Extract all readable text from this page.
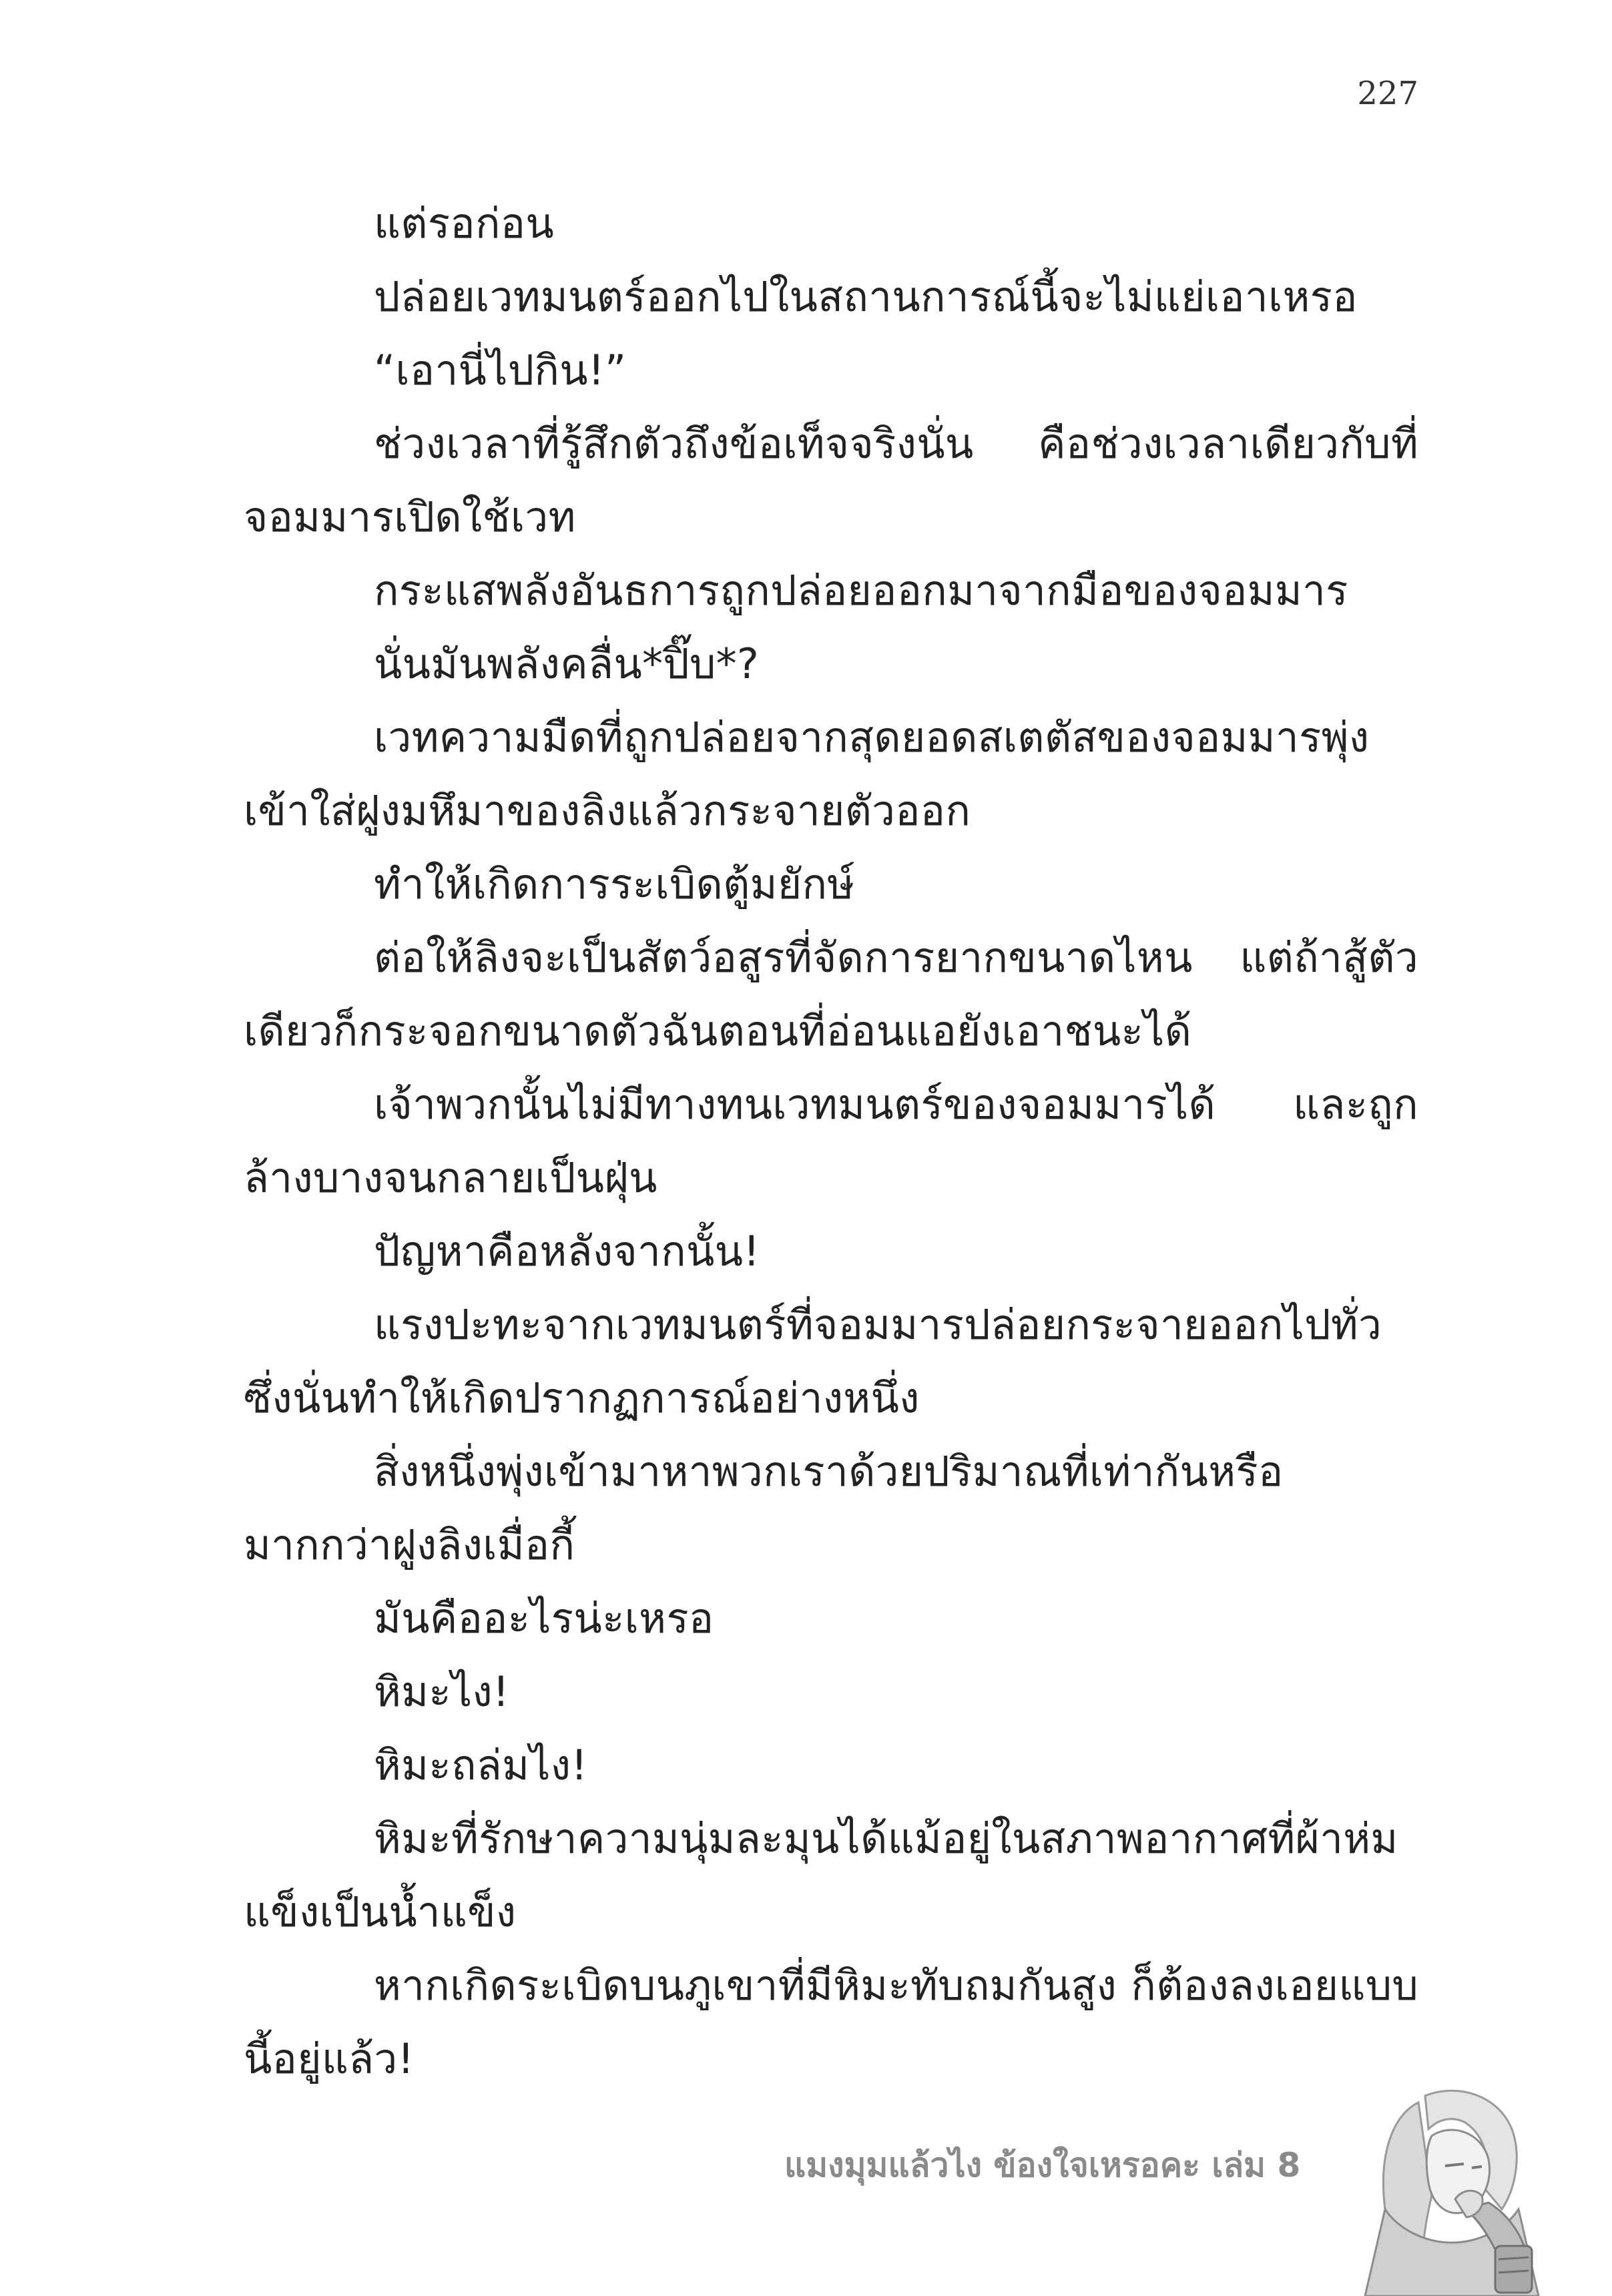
227

แต่รอก่อน

ปล่อยเวทมนตร์ออกไปในสถานการณ์นี้จะไม่แย่เอาเหรอ

“เอานี่ไปกิน!”

ช่วงเวลาที่รู้สึกตัวถึงข้อเท็จจริงนั่น คือช่วงเวลาเดียวกับที่จอมมารเปิดใช้เวท

กระแสพลังอันธการถูกปล่อยออกมาจากมือของจอมมาร

นั่นมันพลังคลื่น*ปิ๊บ*?

เวทความมืดที่ถูกปล่อยจากสุดยอดสเตตัสของจอมมารพุ่งเข้าใส่ฝูงมหึมาของลิงแล้วกระจายตัวออก

ทำให้เกิดการระเบิดตู้มยักษ์

ต่อให้ลิงจะเป็นสัตว์อสูรที่จัดการยากขนาดไหน แต่ถ้าสู้ตัวเดียวก็กระจอกขนาดตัวฉันตอนที่อ่อนแอยังเอาชนะได้

เจ้าพวกนั้นไม่มีทางทนเวทมนตร์ของจอมมารได้ และถูกล้างบางจนกลายเป็นฝุ่น

ปัญหาคือหลังจากนั้น!

แรงปะทะจากเวทมนตร์ที่จอมมารปล่อยกระจายออกไปทั่วซึ่งนั่นทำให้เกิดปรากฏการณ์อย่างหนึ่ง

สิ่งหนึ่งพุ่งเข้ามาหาพวกเราด้วยปริมาณที่เท่ากันหรือมากกว่าฝูงลิงเมื่อกี้

มันคืออะไรน่ะเหรอ

หิมะไง!

หิมะถล่มไง!

หิมะที่รักษาความนุ่มละมุนได้แม้อยู่ในสภาพอากาศที่ผ้าห่มแข็งเป็นน้ำแข็ง

หากเกิดระเบิดบนภูเขาที่มีหิมะทับถมกันสูง ก็ต้องลงเอยแบบนี้อยู่แล้ว!

แมงมุมแล้วไง ข้องใจเหรอคะ เล่ม 8
